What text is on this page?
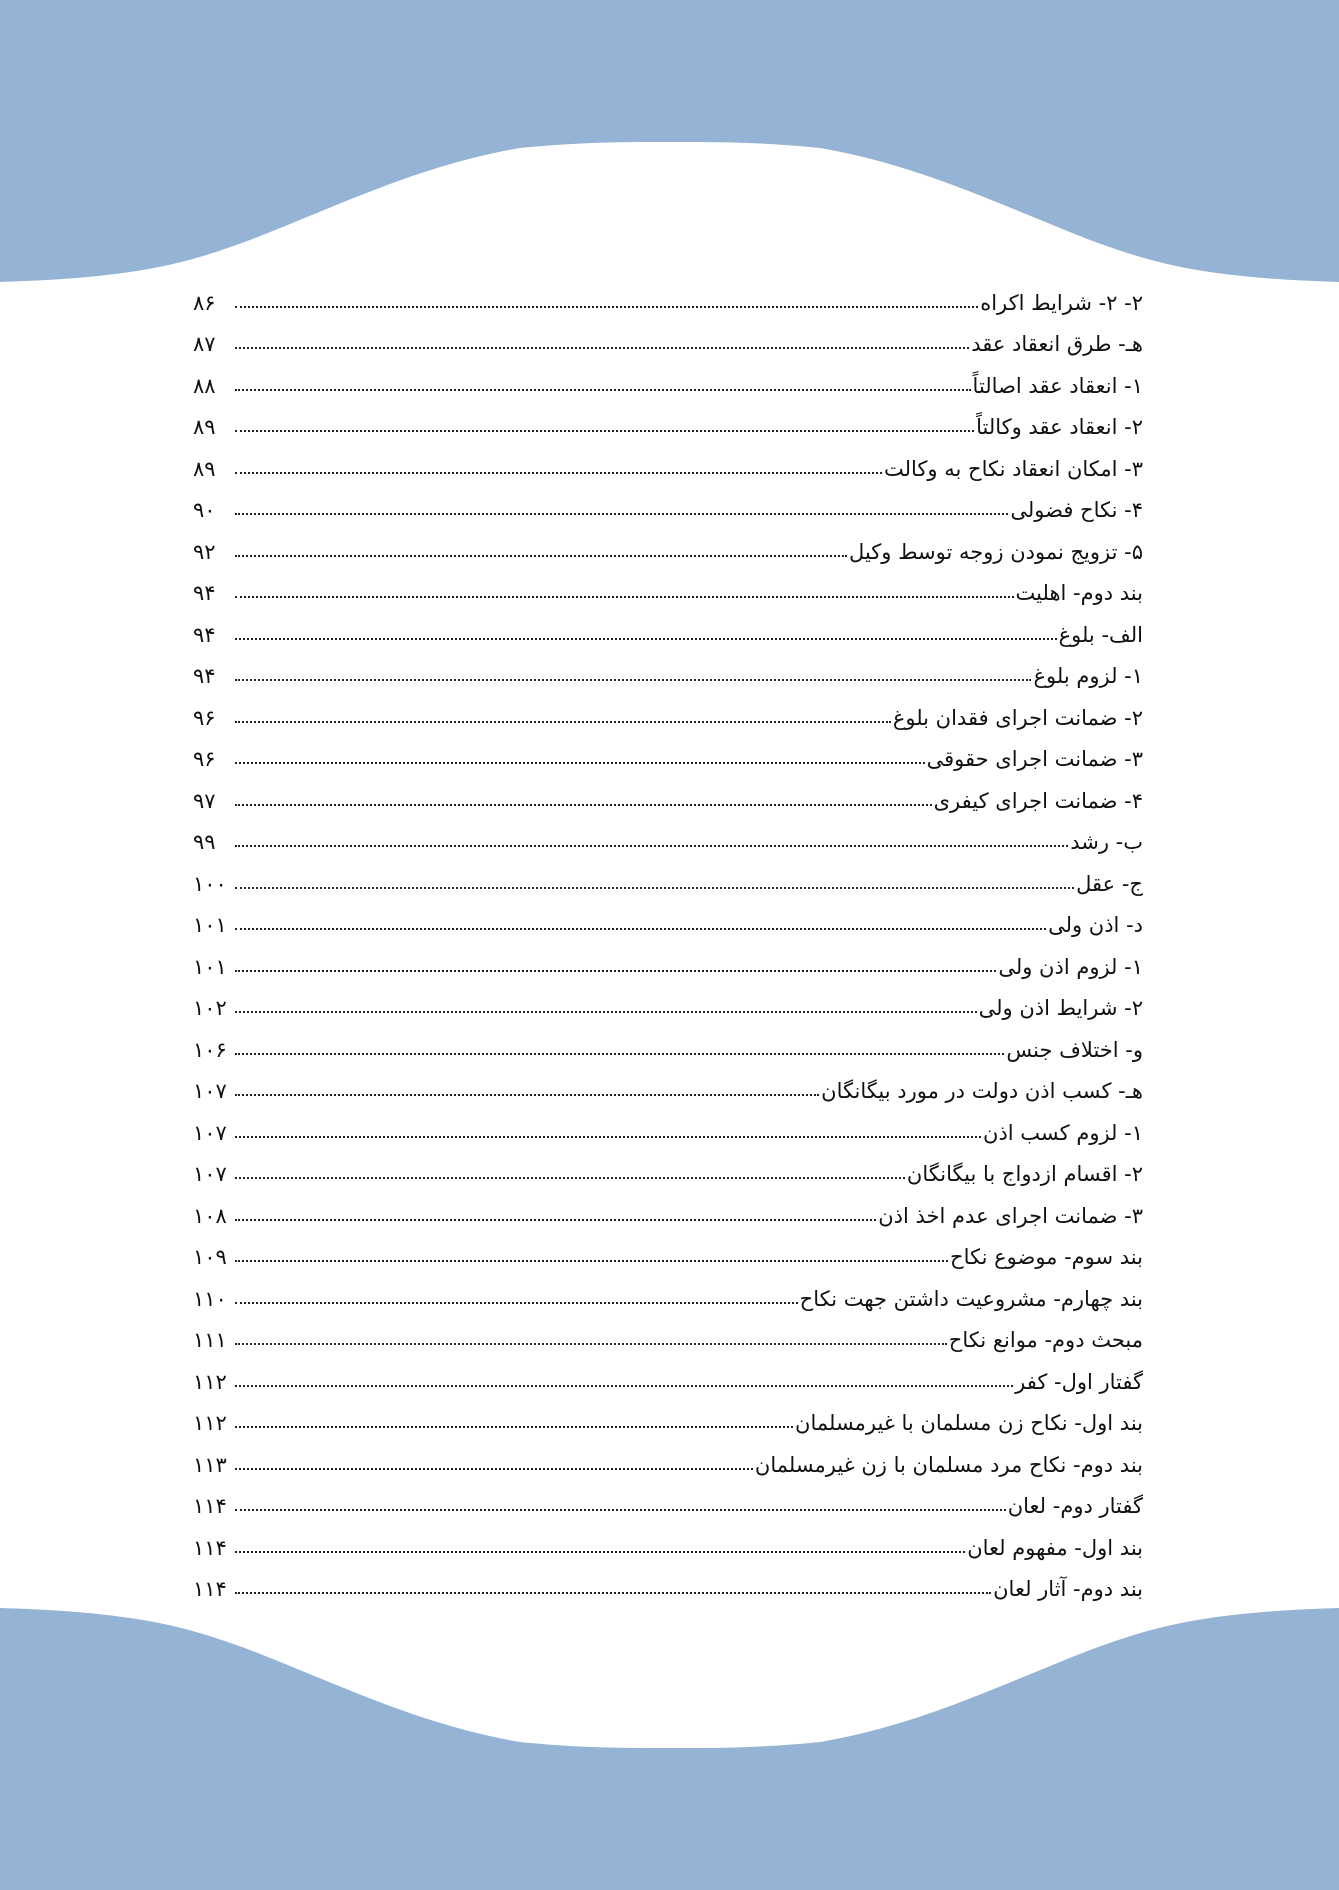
۲- ۲- شرایط اکراه
۸۶
هـ- طرق انعقاد عقد
۸۷
۱- انعقاد عقد اصالتاً
۸۸
۲- انعقاد عقد وکالتاً
۸۹
۳- امکان انعقاد نکاح به وکالت
۸۹
۴- نکاح فضولی
۹۰
۵- تزویج نمودن زوجه توسط وکیل
۹۲
بند دوم- اهلیت
۹۴
الف- بلوغ
۹۴
۱- لزوم بلوغ
۹۴
۲- ضمانت اجرای فقدان بلوغ
۹۶
۳- ضمانت اجرای حقوقی
۹۶
۴- ضمانت اجرای کیفری
۹۷
ب- رشد
۹۹
ج- عقل
۱۰۰
د- اذن ولی
۱۰۱
۱- لزوم اذن ولی
۱۰۱
۲- شرایط اذن ولی
۱۰۲
و- اختلاف جنس
۱۰۶
هـ- کسب اذن دولت در مورد بیگانگان
۱۰۷
۱- لزوم کسب اذن
۱۰۷
۲- اقسام ازدواج با بیگانگان
۱۰۷
۳- ضمانت اجرای عدم اخذ اذن
۱۰۸
بند سوم- موضوع نکاح
۱۰۹
بند چهارم- مشروعیت داشتن جهت نکاح
۱۱۰
مبحث دوم- موانع نکاح
۱۱۱
گفتار اول- کفر
۱۱۲
بند اول- نکاح زن مسلمان با غیرمسلمان
۱۱۲
بند دوم- نکاح مرد مسلمان با زن غیرمسلمان
۱۱۳
گفتار دوم- لعان
۱۱۴
بند اول- مفهوم لعان
۱۱۴
بند دوم- آثار لعان
۱۱۴
